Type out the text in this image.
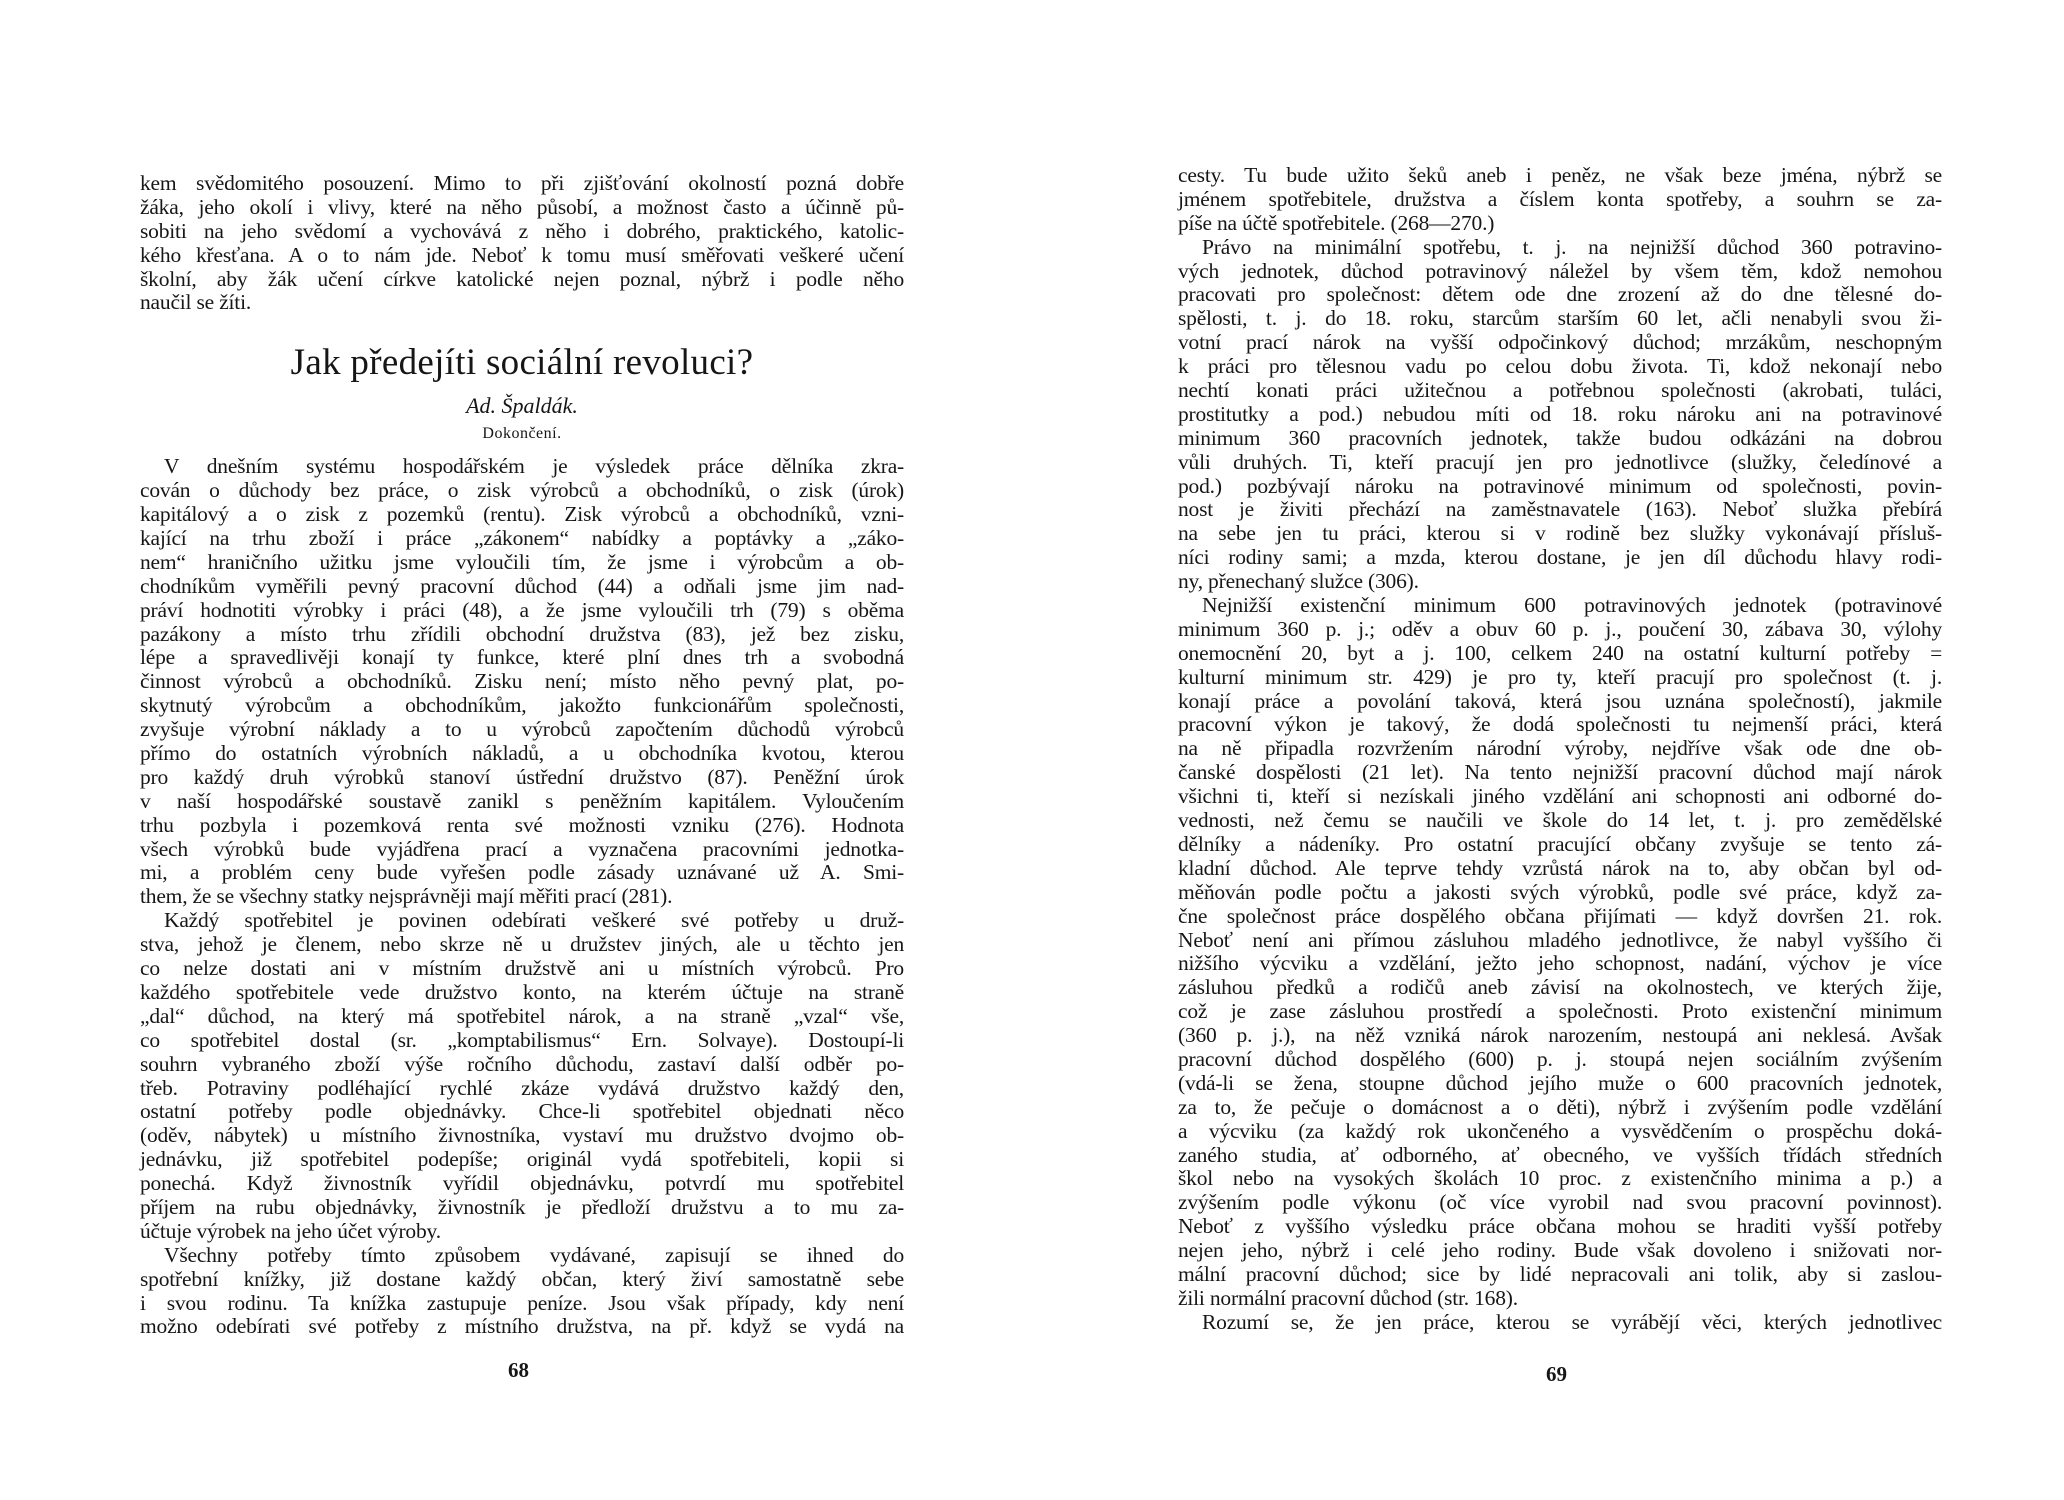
kem svědomitého posouzení. Mimo to při zjišťování okolností pozná dobře
žáka, jeho okolí i vlivy, které na něho působí, a možnost často a účinně pů-
sobiti na jeho svědomí a vychovává z něho i dobrého, praktického, katolic-
kého křesťana. A o to nám jde. Neboť k tomu musí směřovati veškeré učení
školní, aby žák učení církve katolické nejen poznal, nýbrž i podle něho
naučil se žíti.
Jak předejíti sociální revoluci?
Ad. Špaldák.
Dokončení.
V dnešním systému hospodářském je výsledek práce dělníka zkra-
cován o důchody bez práce, o zisk výrobců a obchodníků, o zisk (úrok)
kapitálový a o zisk z pozemků (rentu). Zisk výrobců a obchodníků, vzni-
kající na trhu zboží i práce „zákonem“ nabídky a poptávky a „záko-
nem“ hraničního užitku jsme vyloučili tím, že jsme i výrobcům a ob-
chodníkům vyměřili pevný pracovní důchod (44) a odňali jsme jim nad-
práví hodnotiti výrobky i práci (48), a že jsme vyloučili trh (79) s oběma
pazákony a místo trhu zřídili obchodní družstva (83), jež bez zisku,
lépe a spravedlivěji konají ty funkce, které plní dnes trh a svobodná
činnost výrobců a obchodníků. Zisku není; místo něho pevný plat, po-
skytnutý výrobcům a obchodníkům, jakožto funkcionářům společnosti,
zvyšuje výrobní náklady a to u výrobců započtením důchodů výrobců
přímo do ostatních výrobních nákladů, a u obchodníka kvotou, kterou
pro každý druh výrobků stanoví ústřední družstvo (87). Peněžní úrok
v naší hospodářské soustavě zanikl s peněžním kapitálem. Vyloučením
trhu pozbyla i pozemková renta své možnosti vzniku (276). Hodnota
všech výrobků bude vyjádřena prací a vyznačena pracovními jednotka-
mi, a problém ceny bude vyřešen podle zásady uznávané už A. Smi-
them, že se všechny statky nejsprávněji mají měřiti prací (281).
Každý spotřebitel je povinen odebírati veškeré své potřeby u druž-
stva, jehož je členem, nebo skrze ně u družstev jiných, ale u těchto jen
co nelze dostati ani v místním družstvě ani u místních výrobců. Pro
každého spotřebitele vede družstvo konto, na kterém účtuje na straně
„dal“ důchod, na který má spotřebitel nárok, a na straně „vzal“ vše,
co spotřebitel dostal (sr. „komptabilismus“ Ern. Solvaye). Dostoupí-li
souhrn vybraného zboží výše ročního důchodu, zastaví další odběr po-
třeb. Potraviny podléhající rychlé zkáze vydává družstvo každý den,
ostatní potřeby podle objednávky. Chce-li spotřebitel objednati něco
(oděv, nábytek) u místního živnostníka, vystaví mu družstvo dvojmo ob-
jednávku, již spotřebitel podepíše; originál vydá spotřebiteli, kopii si
ponechá. Když živnostník vyřídil objednávku, potvrdí mu spotřebitel
příjem na rubu objednávky, živnostník je předloží družstvu a to mu za-
účtuje výrobek na jeho účet výroby.
Všechny potřeby tímto způsobem vydávané, zapisují se ihned do
spotřební knížky, již dostane každý občan, který živí samostatně sebe
i svou rodinu. Ta knížka zastupuje peníze. Jsou však případy, kdy není
možno odebírati své potřeby z místního družstva, na př. když se vydá na
68
cesty. Tu bude užito šeků aneb i peněz, ne však beze jména, nýbrž se
jménem spotřebitele, družstva a číslem konta spotřeby, a souhrn se za-
píše na účtě spotřebitele. (268—270.)
Právo na minimální spotřebu, t. j. na nejnižší důchod 360 potravino-
vých jednotek, důchod potravinový náležel by všem těm, kdož nemohou
pracovati pro společnost: dětem ode dne zrození až do dne tělesné do-
spělosti, t. j. do 18. roku, starcům starším 60 let, ačli nenabyli svou ži-
votní prací nárok na vyšší odpočinkový důchod; mrzákům, neschopným
k práci pro tělesnou vadu po celou dobu života. Ti, kdož nekonají nebo
nechtí konati práci užitečnou a potřebnou společnosti (akrobati, tuláci,
prostitutky a pod.) nebudou míti od 18. roku nároku ani na potravinové
minimum 360 pracovních jednotek, takže budou odkázáni na dobrou
vůli druhých. Ti, kteří pracují jen pro jednotlivce (služky, čeledínové a
pod.) pozbývají nároku na potravinové minimum od společnosti, povin-
nost je živiti přechází na zaměstnavatele (163). Neboť služka přebírá
na sebe jen tu práci, kterou si v rodině bez služky vykonávají přísluš-
níci rodiny sami; a mzda, kterou dostane, je jen díl důchodu hlavy rodi-
ny, přenechaný služce (306).
Nejnižší existenční minimum 600 potravinových jednotek (potravinové
minimum 360 p. j.; oděv a obuv 60 p. j., poučení 30, zábava 30, výlohy
onemocnění 20, byt a j. 100, celkem 240 na ostatní kulturní potřeby =
kulturní minimum str. 429) je pro ty, kteří pracují pro společnost (t. j.
konají práce a povolání taková, která jsou uznána společností), jakmile
pracovní výkon je takový, že dodá společnosti tu nejmenší práci, která
na ně připadla rozvržením národní výroby, nejdříve však ode dne ob-
čanské dospělosti (21 let). Na tento nejnižší pracovní důchod mají nárok
všichni ti, kteří si nezískali jiného vzdělání ani schopnosti ani odborné do-
vednosti, než čemu se naučili ve škole do 14 let, t. j. pro zemědělské
dělníky a nádeníky. Pro ostatní pracující občany zvyšuje se tento zá-
kladní důchod. Ale teprve tehdy vzrůstá nárok na to, aby občan byl od-
měňován podle počtu a jakosti svých výrobků, podle své práce, když za-
čne společnost práce dospělého občana přijímati — když dovršen 21. rok.
Neboť není ani přímou zásluhou mladého jednotlivce, že nabyl vyššího či
nižšího výcviku a vzdělání, ježto jeho schopnost, nadání, výchov je více
zásluhou předků a rodičů aneb závisí na okolnostech, ve kterých žije,
což je zase zásluhou prostředí a společnosti. Proto existenční minimum
(360 p. j.), na něž vzniká nárok narozením, nestoupá ani neklesá. Avšak
pracovní důchod dospělého (600) p. j. stoupá nejen sociálním zvýšením
(vdá-li se žena, stoupne důchod jejího muže o 600 pracovních jednotek,
za to, že pečuje o domácnost a o děti), nýbrž i zvýšením podle vzdělání
a výcviku (za každý rok ukončeného a vysvědčením o prospěchu doká-
zaného studia, ať odborného, ať obecného, ve vyšších třídách středních
škol nebo na vysokých školách 10 proc. z existenčního minima a p.) a
zvýšením podle výkonu (oč více vyrobil nad svou pracovní povinnost).
Neboť z vyššího výsledku práce občana mohou se hraditi vyšší potřeby
nejen jeho, nýbrž i celé jeho rodiny. Bude však dovoleno i snižovati nor-
mální pracovní důchod; sice by lidé nepracovali ani tolik, aby si zaslou-
žili normální pracovní důchod (str. 168).
Rozumí se, že jen práce, kterou se vyrábějí věci, kterých jednotlivec
69
